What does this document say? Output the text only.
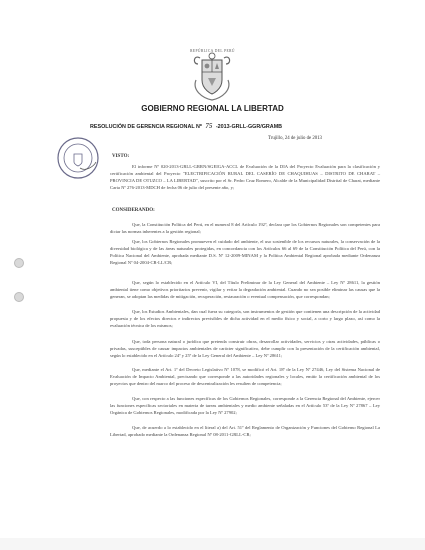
REPÚBLICA DEL PERÚ
GOBIERNO REGIONAL LA LIBERTAD
RESOLUCIÓN DE GERENCIA REGIONAL Nº 75 -2013-GRLL-GGR/GRAMB
Trujillo, 24 de julio de 2013
VISTO:
El informe Nº 020-2013-GRLL-GRRN/SGEIGA-ACCL de Evaluación de la DIA del Proyecto Evaluación para la clasificación y certificación ambiental del Proyecto "ELECTRIFICACIÓN RURAL DEL CASERÍO DE CHAQUIHUAS – DISTRITO DE CHARAT – PROVINCIA DE OTUZCO – LA LIBERTAD", suscrito por el Sr. Pedro Cruz Romero, Alcalde de la Municipalidad Distrital de Charat, mediante Carta Nº 276-2013-MDCH de fecha 06 de julio del presente año, y;
CONSIDERANDO:
Que, la Constitución Política del Perú, en el numeral 8 del Artículo 192º, declara que los Gobiernos Regionales son competentes para dictar las normas inherentes a la gestión regional;
Que, los Gobiernos Regionales promueven el cuidado del ambiente, el uso sostenible de los recursos naturales, la conservación de la diversidad biológica y de las áreas naturales protegidas, en concordancia con los Artículos 66 al 69 de la Constitución Política del Perú, con la Política Nacional del Ambiente, aprobada mediante D.S. Nº 12-2009-MINAM y la Política Ambiental Regional aprobada mediante Ordenanza Regional Nº 04-2004-CR-LL/CR;
Que, según lo establecido en el Artículo VI, del Título Preliminar de la Ley General del Ambiente – Ley Nº 28611, la gestión ambiental tiene como objetivos prioritarios prevenir, vigilar y evitar la degradación ambiental. Cuando no sea posible eliminar las causas que la generan, se adoptan las medidas de mitigación, recuperación, restauración o eventual compensación, que correspondan;
Que, los Estudios Ambientales, dan cual fuera su categoría, son instrumentos de gestión que contienen una descripción de la actividad propuesta y de los efectos directos e indirectos previsibles de dicha actividad en el medio físico y social, a corto y largo plazo, así como la evaluación técnica de los mismos;
Que, toda persona natural o jurídica que pretenda construir obras, desarrollar actividades, servicios y otras actividades, públicas o privadas, susceptibles de causar impactos ambientales de carácter significativo, debe cumplir con la presentación de la certificación ambiental, según lo establecido en el Artículo 24º y 25º de la Ley General del Ambiente – Ley Nº 28611;
Que, mediante el Art. 1º del Decreto Legislativo Nº 1078, se modificó el Art. 18º de la Ley Nº 27446, Ley del Sistema Nacional de Evaluación de Impacto Ambiental, precisando que corresponde a las autoridades regionales y locales, emitir la certificación ambiental de los proyectos que dentro del marco del proceso de descentralización les resulten de competencia;
Que, con respecto a las funciones específicas de los Gobiernos Regionales, corresponde a la Gerencia Regional del Ambiente, ejercer las funciones específicas sectoriales en materia de tareas ambientales y medio ambiente señaladas en el Artículo 53º de la Ley Nº 27867 – Ley Orgánica de Gobiernos Regionales, modificada por la Ley Nº 27902;
Que, de acuerdo a lo establecido en el literal a) del Art. 51º del Reglamento de Organización y Funciones del Gobierno Regional La Libertad, aprobado mediante la Ordenanza Regional Nº 08-2011-GRLL-CR;
